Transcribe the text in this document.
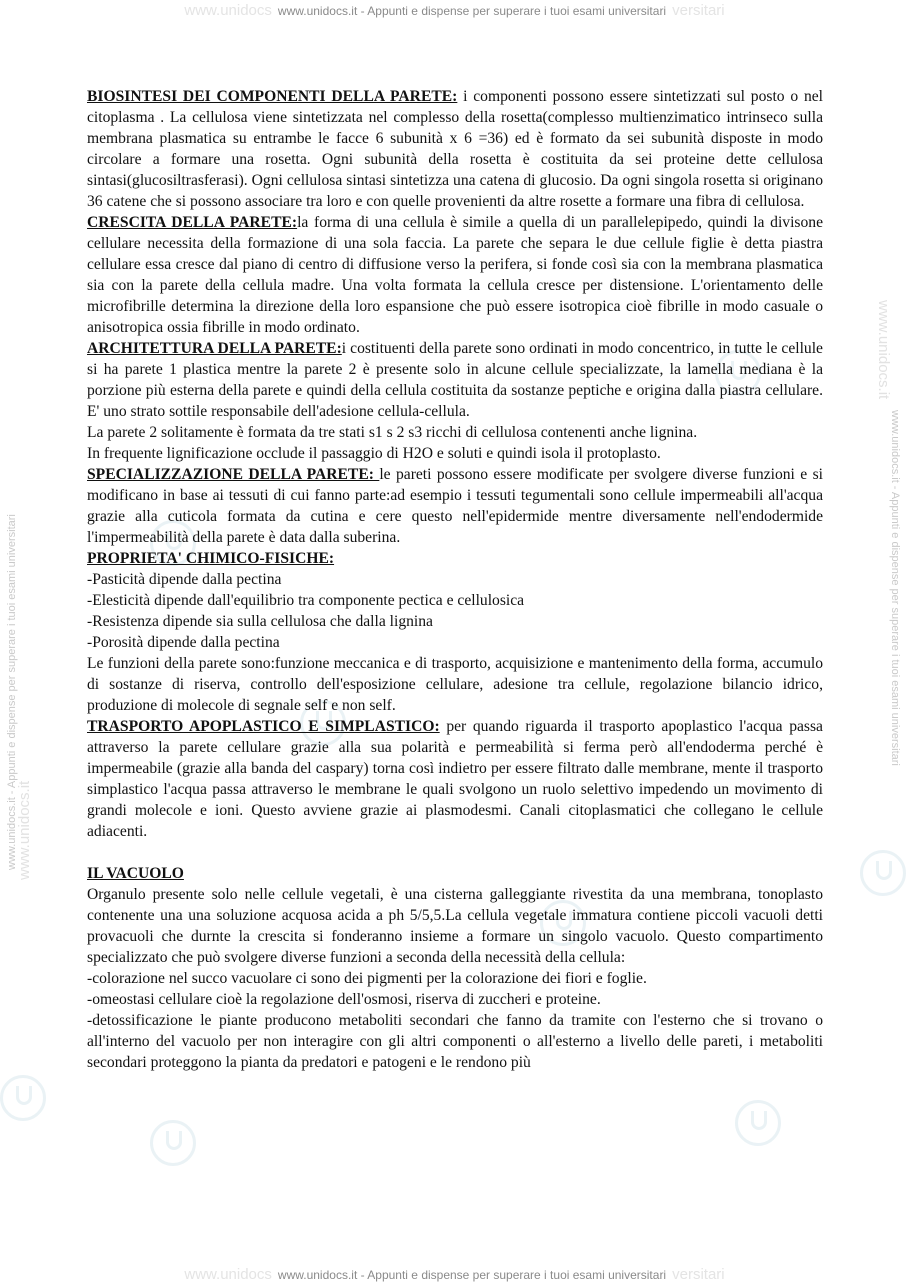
www.unidocs www.unidocs.it - Appunti e dispense per superare i tuoi esami universitari versitari
www.unidocs.it
www.unidocs.it - Appunti e dispense per superare i tuoi esami universitari
www.unidocs.it
www.unidocs.it - Appunti e dispense per superare i tuoi esami universitari

BIOSINTESI DEI COMPONENTI DELLA PARETE: i componenti possono essere sintetizzati sul posto o nel citoplasma . La cellulosa viene sintetizzata nel complesso della rosetta(complesso multienzimatico intrinseco sulla membrana plasmatica su entrambe le facce 6 subunità x 6 =36) ed è formato da sei subunità disposte in modo circolare a formare una rosetta. Ogni subunità della rosetta è costituita da sei proteine dette cellulosa sintasi(glucosiltrasferasi). Ogni cellulosa sintasi sintetizza una catena di glucosio. Da ogni singola rosetta si originano 36 catene che si possono associare tra loro e con quelle provenienti da altre rosette a formare una fibra di cellulosa.

CRESCITA DELLA PARETE:la forma di una cellula è simile a quella di un parallelepipedo, quindi la divisone cellulare necessita della formazione di una sola faccia. La parete che separa le due cellule figlie è detta piastra cellulare essa cresce dal piano di centro di diffusione verso la perifera, si fonde così sia con la membrana plasmatica sia con la parete della cellula madre. Una volta formata la cellula cresce per distensione. L'orientamento delle microfibrille determina la direzione della loro espansione che può essere isotropica cioè fibrille in modo casuale o anisotropica ossia fibrille in modo ordinato.

ARCHITETTURA DELLA PARETE:i costituenti della parete sono ordinati in modo concentrico, in tutte le cellule si ha parete 1 plastica mentre la parete 2 è presente solo in alcune cellule specializzate, la lamella mediana è la porzione più esterna della parete e quindi della cellula costituita da sostanze peptiche e origina dalla piastra cellulare. E' uno strato sottile responsabile dell'adesione cellula-cellula.

La parete 2 solitamente è formata da tre stati s1 s 2 s3 ricchi di cellulosa contenenti anche lignina.

In frequente lignificazione occlude il passaggio di H2O e soluti e quindi isola il protoplasto.

SPECIALIZZAZIONE DELLA PARETE: le pareti possono essere modificate per svolgere diverse funzioni e si modificano in base ai tessuti di cui fanno parte:ad esempio i tessuti tegumentali sono cellule impermeabili all'acqua grazie alla cuticola formata da cutina e cere questo nell'epidermide mentre diversamente nell'endodermide l'impermeabilità della parete è data dalla suberina.

PROPRIETA' CHIMICO-FISICHE:

-Pasticità dipende dalla pectina

-Elesticità dipende dall'equilibrio tra componente pectica e cellulosica

-Resistenza dipende sia sulla cellulosa che dalla lignina

-Porosità dipende dalla pectina

Le funzioni della parete sono:funzione meccanica e di trasporto, acquisizione e mantenimento della forma, accumulo di sostanze di riserva, controllo dell'esposizione cellulare, adesione tra cellule, regolazione bilancio idrico, produzione di molecole di segnale self e non self.

TRASPORTO APOPLASTICO E SIMPLASTICO: per quando riguarda il trasporto apoplastico l'acqua passa attraverso la parete cellulare grazie alla sua polarità e permeabilità si ferma però all'endoderma perché è impermeabile (grazie alla banda del caspary) torna così indietro per essere filtrato dalle membrane, mente il trasporto simplastico l'acqua passa attraverso le membrane le quali svolgono un ruolo selettivo impedendo un movimento di grandi molecole e ioni. Questo avviene grazie ai plasmodesmi. Canali citoplasmatici che collegano le cellule adiacenti.

IL VACUOLO

Organulo presente solo nelle cellule vegetali, è una cisterna galleggiante rivestita da una membrana, tonoplasto contenente una una soluzione acquosa acida a ph 5/5,5.La cellula vegetale immatura contiene piccoli vacuoli detti provacuoli che durnte la crescita si fonderanno insieme a formare un singolo vacuolo. Questo compartimento specializzato che può svolgere diverse funzioni a seconda della necessità della cellula:

-colorazione nel succo vacuolare ci sono dei pigmenti per la colorazione dei fiori e foglie.

-omeostasi cellulare cioè la regolazione dell'osmosi, riserva di zuccheri e proteine.

-detossificazione le piante producono metaboliti secondari che fanno da tramite con l'esterno che si trovano o all'interno del vacuolo per non interagire con gli altri componenti o all'esterno a livello delle pareti, i metaboliti secondari proteggono la pianta da predatori e patogeni e le rendono più

www.unidocs www.unidocs.it - Appunti e dispense per superare i tuoi esami universitari versitari
